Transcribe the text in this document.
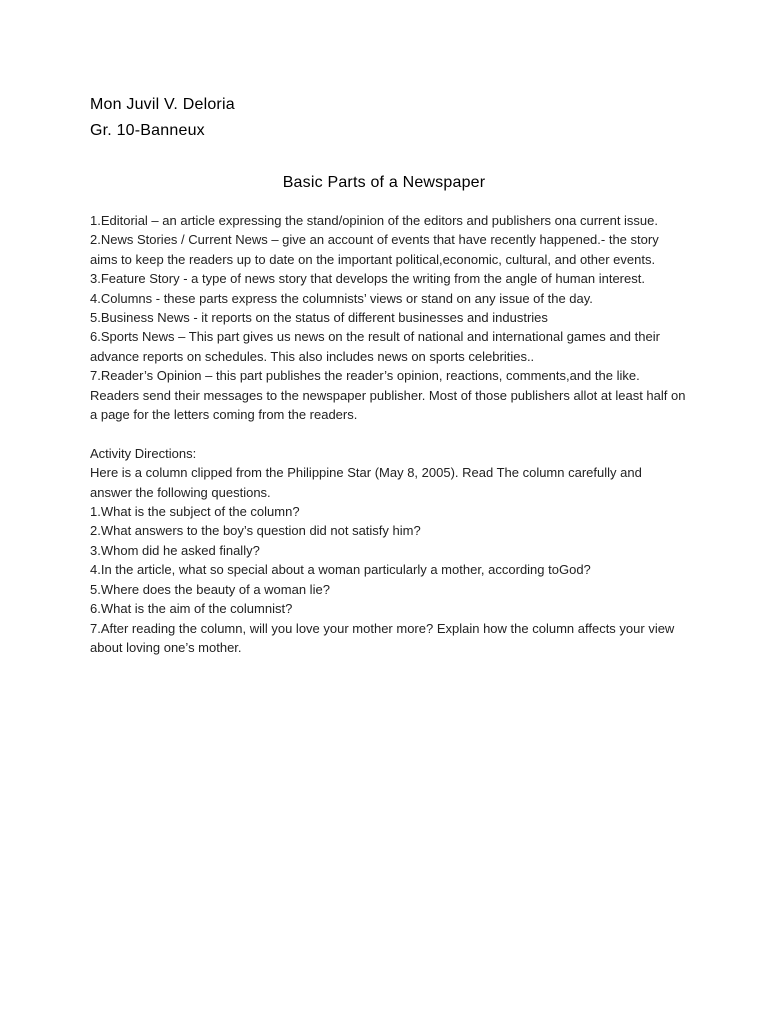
Mon Juvil V. Deloria
Gr. 10-Banneux
Basic Parts of a Newspaper

1.Editorial – an article expressing the stand/opinion of the editors and publishers ona current issue.

2.News Stories / Current News – give an account of events that have recently happened.- the story aims to keep the readers up to date on the important political,economic, cultural, and other events.

3.Feature Story - a type of news story that develops the writing from the angle of human interest.

4.Columns - these parts express the columnists’ views or stand on any issue of the day.

5.Business News - it reports on the status of different businesses and industries

6.Sports News – This part gives us news on the result of national and international games and their advance reports on schedules. This also includes news on sports celebrities..

7.Reader’s Opinion – this part publishes the reader’s opinion, reactions, comments,and the like. Readers send their messages to the newspaper publisher. Most of those publishers allot at least half on a page for the letters coming from the readers.

Activity Directions:

Here is a column clipped from the Philippine Star (May 8, 2005). Read The column carefully and answer the following questions.

1.What is the subject of the column?

2.What answers to the boy’s question did not satisfy him?

3.Whom did he asked finally?

4.In the article, what so special about a woman particularly a mother, according toGod?

5.Where does the beauty of a woman lie?

6.What is the aim of the columnist?

7.After reading the column, will you love your mother more? Explain how the column affects your view about loving one’s mother.
